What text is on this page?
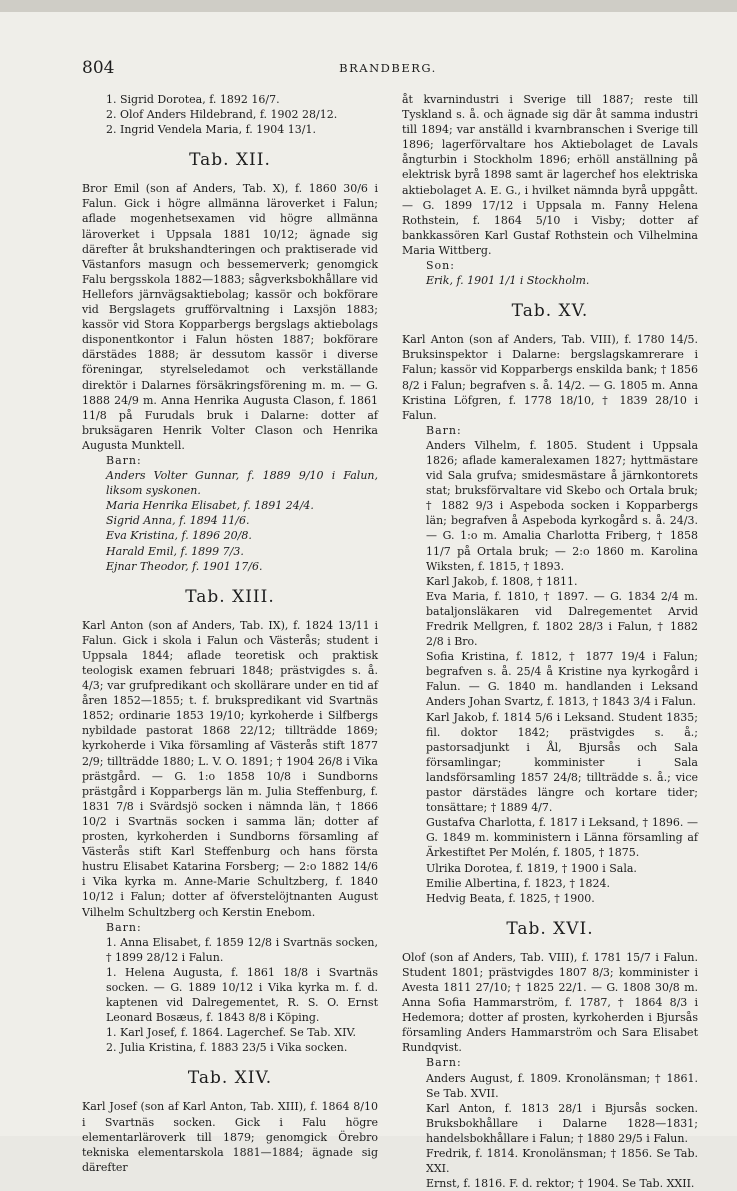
804	BRANDBERG.

1. Sigrid Dorotea, f. 1892 16/7.

2. Olof Anders Hildebrand, f. 1902 28/12.

2. Ingrid Vendela Maria, f. 1904 13/1.

Tab. XII.

Bror Emil (son af Anders, Tab. X), f. 1860 30/6 i Falun. Gick i högre allmänna läroverket i Falun; aflade mogenhetsexamen vid högre allmänna läroverket i Uppsala 1881 10/12; ägnade sig därefter åt brukshandteringen och praktiserade vid Västanfors masugn och bessemerverk; genomgick Falu bergsskola 1882—1883; sågverksbokhållare vid Hellefors järnvägsaktiebolag; kassör och bokförare vid Bergslagets grufförvaltning i Laxsjön 1883; kassör vid Stora Kopparbergs bergslags aktiebolags disponentkontor i Falun hösten 1887; bokförare därstädes 1888; är dessutom kassör i diverse föreningar, styrelseledamot och verkställande direktör i Dalarnes försäkringsförening m. m. — G. 1888 24/9 m. Anna Henrika Augusta Clason, f. 1861 11/8 på Furudals bruk i Dalarne: dotter af bruksägaren Henrik Volter Clason och Henrika Augusta Munktell.

Barn:

Anders Volter Gunnar, f. 1889 9/10 i Falun, liksom syskonen.

Maria Henrika Elisabet, f. 1891 24/4.

Sigrid Anna, f. 1894 11/6.

Eva Kristina, f. 1896 20/8.

Harald Emil, f. 1899 7/3.

Ejnar Theodor, f. 1901 17/6.

Tab. XIII.

Karl Anton (son af Anders, Tab. IX), f. 1824 13/11 i Falun. Gick i skola i Falun och Västerås; student i Uppsala 1844; aflade teoretisk och praktisk teologisk examen februari 1848; prästvigdes s. å. 4/3; var grufpredikant och skollärare under en tid af åren 1852—1855; t. f. brukspredikant vid Svartnäs 1852; ordinarie 1853 19/10; kyrkoherde i Silfbergs nybildade pastorat 1868 22/12; tillträdde 1869; kyrkoherde i Vika församling af Västerås stift 1877 2/9; tillträdde 1880; L. V. O. 1891; † 1904 26/8 i Vika prästgård. — G. 1:o 1858 10/8 i Sundborns prästgård i Kopparbergs län m. Julia Steffenburg, f. 1831 7/8 i Svärdsjö socken i nämnda län, † 1866 10/2 i Svartnäs socken i samma län; dotter af prosten, kyrkoherden i Sundborns församling af Västerås stift Karl Steffenburg och hans första hustru Elisabet Katarina Forsberg; — 2:o 1882 14/6 i Vika kyrka m. Anne-Marie Schultzberg, f. 1840 10/12 i Falun; dotter af öfverstelöjtnanten August Vilhelm Schultzberg och Kerstin Enebom.

Barn:

1. Anna Elisabet, f. 1859 12/8 i Svartnäs socken, † 1899 28/12 i Falun.

1. Helena Augusta, f. 1861 18/8 i Svartnäs socken. — G. 1889 10/12 i Vika kyrka m. f. d. kaptenen vid Dalregementet, R. S. O. Ernst Leonard Bosæus, f. 1843 8/8 i Köping.

1. Karl Josef, f. 1864. Lagerchef. Se Tab. XIV.

2. Julia Kristina, f. 1883 23/5 i Vika socken.

Tab. XIV.

Karl Josef (son af Karl Anton, Tab. XIII), f. 1864 8/10 i Svartnäs socken. Gick i Falu högre elementarläroverk till 1879; genomgick Örebro tekniska elementarskola 1881—1884; ägnade sig därefter

åt kvarnindustri i Sverige till 1887; reste till Tyskland s. å. och ägnade sig där åt samma industri till 1894; var anställd i kvarnbranschen i Sverige till 1896; lagerförvaltare hos Aktiebolaget de Lavals ångturbin i Stockholm 1896; erhöll anställning på elektrisk byrå 1898 samt är lagerchef hos elektriska aktiebolaget A. E. G., i hvilket nämnda byrå uppgått. — G. 1899 17/12 i Uppsala m. Fanny Helena Rothstein, f. 1864 5/10 i Visby; dotter af bankkassören Karl Gustaf Rothstein och Vilhelmina Maria Wittberg.

Son:

Erik, f. 1901 1/1 i Stockholm.

Tab. XV.

Karl Anton (son af Anders, Tab. VIII), f. 1780 14/5. Bruksinspektor i Dalarne: bergslagskamrerare i Falun; kassör vid Kopparbergs enskilda bank; † 1856 8/2 i Falun; begrafven s. å. 14/2. — G. 1805 m. Anna Kristina Löfgren, f. 1778 18/10, † 1839 28/10 i Falun.

Barn:

Anders Vilhelm, f. 1805. Student i Uppsala 1826; aflade kameralexamen 1827; hyttmästare vid Sala grufva; smidesmästare å järnkontorets stat; bruksförvaltare vid Skebo och Ortala bruk; † 1882 9/3 i Aspeboda socken i Kopparbergs län; begrafven å Aspeboda kyrkogård s. å. 24/3. — G. 1:o m. Amalia Charlotta Friberg, † 1858 11/7 på Ortala bruk; — 2:o 1860 m. Karolina Wiksten, f. 1815, † 1893.

Karl Jakob, f. 1808, † 1811.

Eva Maria, f. 1810, † 1897. — G. 1834 2/4 m. bataljonsläkaren vid Dalregementet Arvid Fredrik Mellgren, f. 1802 28/3 i Falun, † 1882 2/8 i Bro.

Sofia Kristina, f. 1812, † 1877 19/4 i Falun; begrafven s. å. 25/4 å Kristine nya kyrkogård i Falun. — G. 1840 m. handlanden i Leksand Anders Johan Svartz, f. 1813, † 1843 3/4 i Falun.

Karl Jakob, f. 1814 5/6 i Leksand. Student 1835; fil. doktor 1842; prästvigdes s. å.; pastorsadjunkt i Ål, Bjursås och Sala församlingar; komminister i Sala landsförsamling 1857 24/8; tillträdde s. å.; vice pastor därstädes längre och kortare tider; tonsättare; † 1889 4/7.

Gustafva Charlotta, f. 1817 i Leksand, † 1896. — G. 1849 m. komministern i Länna församling af Ärkestiftet Per Molén, f. 1805, † 1875.

Ulrika Dorotea, f. 1819, † 1900 i Sala.

Emilie Albertina, f. 1823, † 1824.

Hedvig Beata, f. 1825, † 1900.

Tab. XVI.

Olof (son af Anders, Tab. VIII), f. 1781 15/7 i Falun. Student 1801; prästvigdes 1807 8/3; komminister i Avesta 1811 27/10; † 1825 22/1. — G. 1808 30/8 m. Anna Sofia Hammarström, f. 1787, † 1864 8/3 i Hedemora; dotter af prosten, kyrkoherden i Bjursås församling Anders Hammarström och Sara Elisabet Rundqvist.

Barn:

Anders August, f. 1809. Kronolänsman; † 1861. Se Tab. XVII.

Karl Anton, f. 1813 28/1 i Bjursås socken. Bruksbokhållare i Dalarne 1828—1831; handelsbokhållare i Falun; † 1880 29/5 i Falun.

Fredrik, f. 1814. Kronolänsman; † 1856. Se Tab. XXI.

Ernst, f. 1816. F. d. rektor; † 1904. Se Tab. XXII.
